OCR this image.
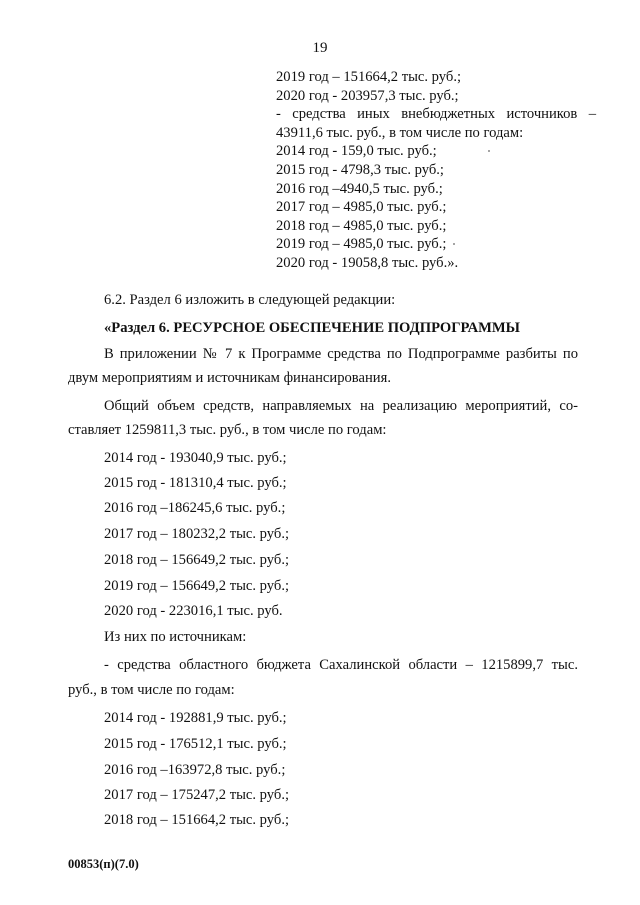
19
2019 год – 151664,2 тыс. руб.;
2020 год - 203957,3 тыс. руб.;
- средства иных внебюджетных источников –
43911,6 тыс. руб., в том числе по годам:
2014 год - 159,0 тыс. руб.;
2015 год - 4798,3 тыс. руб.;
2016 год –4940,5 тыс. руб.;
2017 год – 4985,0 тыс. руб.;
2018 год – 4985,0 тыс. руб.;
2019 год – 4985,0 тыс. руб.;
2020 год - 19058,8 тыс. руб.».
6.2. Раздел 6 изложить в следующей редакции:
«Раздел 6. РЕСУРСНОЕ ОБЕСПЕЧЕНИЕ ПОДПРОГРАММЫ
В приложении № 7 к Программе средства по Подпрограмме разбиты по
двум мероприятиям и источникам финансирования.
Общий объем средств, направляемых на реализацию мероприятий, со-
ставляет 1259811,3 тыс. руб., в том числе по годам:
2014 год - 193040,9 тыс. руб.;
2015 год - 181310,4 тыс. руб.;
2016 год –186245,6 тыс. руб.;
2017 год – 180232,2 тыс. руб.;
2018 год – 156649,2 тыс. руб.;
2019 год – 156649,2 тыс. руб.;
2020 год - 223016,1 тыс. руб.
Из них по источникам:
- средства областного бюджета Сахалинской области – 1215899,7 тыс.
руб., в том числе по годам:
2014 год - 192881,9 тыс. руб.;
2015 год - 176512,1 тыс. руб.;
2016 год –163972,8 тыс. руб.;
2017 год – 175247,2 тыс. руб.;
2018 год – 151664,2 тыс. руб.;
00853(п)(7.0)
